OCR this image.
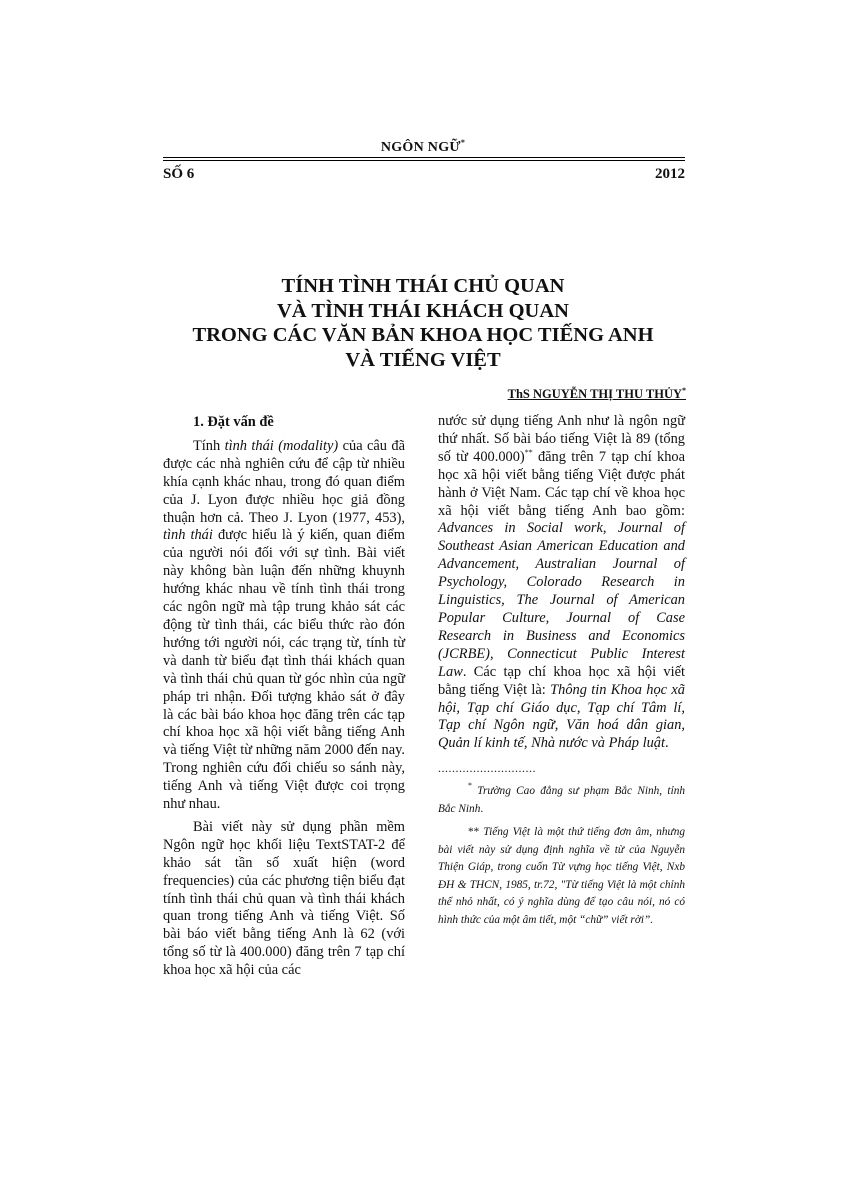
NGÔN NGỮ*
SỐ 6	2012
TÍNH TÌNH THÁI CHỦ QUAN
VÀ TÌNH THÁI KHÁCH QUAN
TRONG CÁC VĂN BẢN KHOA HỌC TIẾNG ANH
VÀ TIẾNG VIỆT
ThS NGUYỄN THỊ THU THỦY*

1. Đặt vấn đề

Tính tình thái (modality) của câu đã được các nhà nghiên cứu để cập từ nhiều khía cạnh khác nhau, trong đó quan điểm của J. Lyon được nhiều học giả đồng thuận hơn cả. Theo J. Lyon (1977, 453), tình thái được hiểu là ý kiến, quan điểm của người nói đối với sự tình. Bài viết này không bàn luận đến những khuynh hướng khác nhau về tính tình thái trong các ngôn ngữ mà tập trung khảo sát các động từ tình thái, các biểu thức rào đón hướng tới người nói, các trạng từ, tính từ và danh từ biểu đạt tình thái khách quan và tình thái chủ quan từ góc nhìn của ngữ pháp tri nhận. Đối tượng khảo sát ở đây là các bài báo khoa học đăng trên các tạp chí khoa học xã hội viết bằng tiếng Anh và tiếng Việt từ những năm 2000 đến nay. Trong nghiên cứu đối chiếu so sánh này, tiếng Anh và tiếng Việt được coi trọng như nhau.

Bài viết này sử dụng phần mềm Ngôn ngữ học khối liệu TextSTAT-2 để khảo sát tần số xuất hiện (word frequencies) của các phương tiện biểu đạt tính tình thái chủ quan và tình thái khách quan trong tiếng Anh và tiếng Việt. Số bài báo viết bằng tiếng Anh là 62 (với tổng số từ là 400.000) đăng trên 7 tạp chí khoa học xã hội của các

nước sử dụng tiếng Anh như là ngôn ngữ thứ nhất. Số bài báo tiếng Việt là 89 (tổng số từ 400.000)** đăng trên 7 tạp chí khoa học xã hội viết bằng tiếng Việt được phát hành ở Việt Nam. Các tạp chí về khoa học xã hội viết bằng tiếng Anh bao gồm: Advances in Social work, Journal of Southeast Asian American Education and Advancement, Australian Journal of Psychology, Colorado Research in Linguistics, The Journal of American Popular Culture, Journal of Case Research in Business and Economics (JCRBE), Connecticut Public Interest Law. Các tạp chí khoa học xã hội viết bằng tiếng Việt là: Thông tin Khoa học xã hội, Tạp chí Giáo dục, Tạp chí Tâm lí, Tạp chí Ngôn ngữ, Văn hoá dân gian, Quản lí kinh tế, Nhà nước và Pháp luật.

............................

* Trường Cao đẳng sư phạm Bắc Ninh, tỉnh Bắc Ninh.

** Tiếng Việt là một thứ tiếng đơn âm, nhưng bài viết này sử dụng định nghĩa về từ của Nguyễn Thiện Giáp, trong cuốn Từ vựng học tiếng Việt, Nxb ĐH & THCN, 1985, tr.72, "Từ tiếng Việt là một chỉnh thể nhỏ nhất, có ý nghĩa dùng để tạo câu nói, nó có hình thức của một âm tiết, một “chữ” viết rời”.
